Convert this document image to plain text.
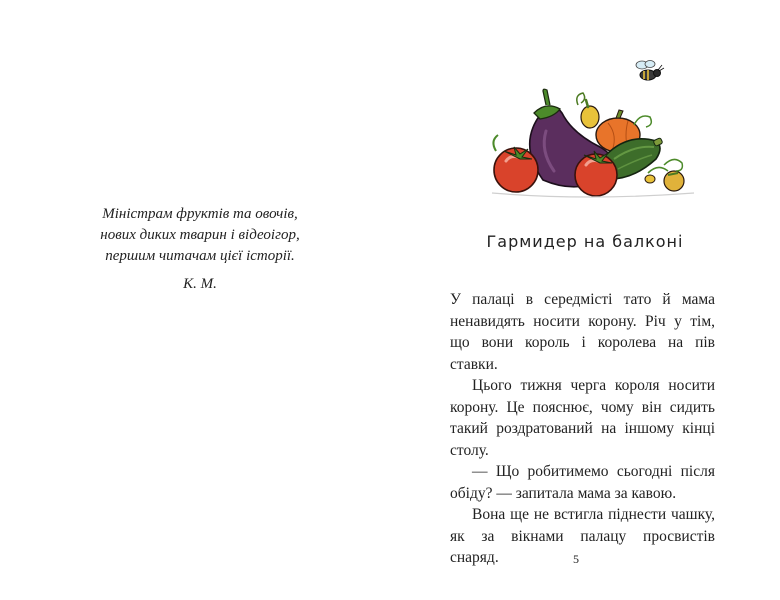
Міністрам фруктів та овочів,
нових диких тварин і відеоігор,
першим читачам цієї історії.
К. М.
Гармидер на балконі

У палаці в середмісті тато й мама ненавидять носити корону. Річ у тім, що вони король і королева на пів ставки.

Цього тижня черга короля носити корону. Це пояснює, чому він сидить такий роздратований на іншому кінці столу.

— Що робитимемо сьогодні після обіду? — запитала мама за кавою.

Вона ще не встигла піднести чашку, як за вікнами палацу просвистів снаряд.	5
